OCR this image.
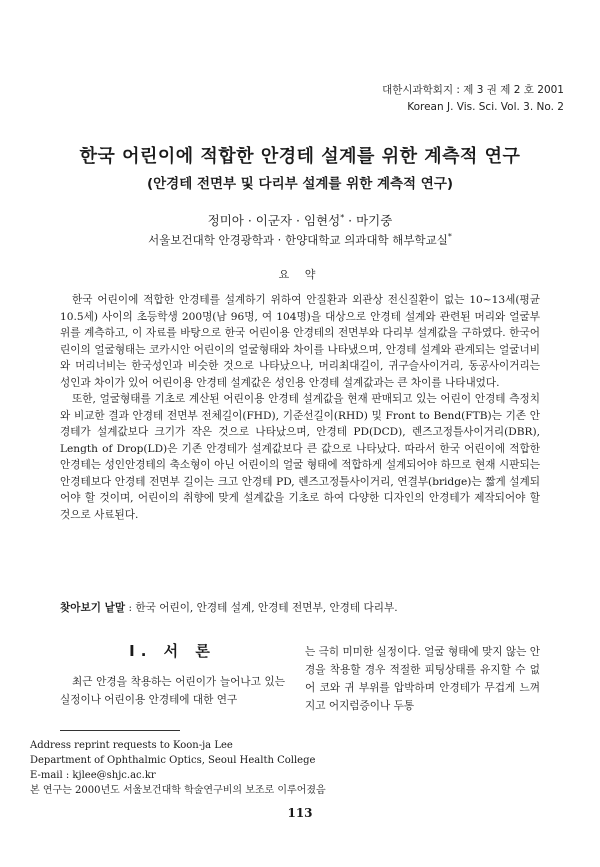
대한시과학회지 : 제 3 권 제 2 호 2001
Korean J. Vis. Sci. Vol. 3. No. 2
한국 어린이에 적합한 안경테 설계를 위한 계측적 연구
(안경테 전면부 및 다리부 설계를 위한 계측적 연구)
정미아 · 이군자 · 임현성* · 마기중
서울보건대학 안경광학과 · 한양대학교 의과대학 해부학교실*
요 약

한국 어린이에 적합한 안경테를 설계하기 위하여 안질환과 외관상 전신질환이 없는 10~13세(평균 10.5세) 사이의 초등학생 200명(남 96명, 여 104명)을 대상으로 안경테 설계와 관련된 머리와 얼굴부위를 계측하고, 이 자료를 바탕으로 한국 어린이용 안경테의 전면부와 다리부 설계값을 구하였다. 한국어린이의 얼굴형태는 코카시안 어린이의 얼굴형태와 차이를 나타냈으며, 안경테 설계와 관계되는 얼굴너비와 머리너비는 한국성인과 비슷한 것으로 나타났으나, 머리최대길이, 귀구슬사이거리, 동공사이거리는 성인과 차이가 있어 어린이용 안경테 설계값은 성인용 안경테 설계값과는 큰 차이를 나타내었다.

또한, 얼굴형태를 기초로 계산된 어린이용 안경테 설계값을 현재 판매되고 있는 어린이 안경테 측정치와 비교한 결과 안경테 전면부 전체길이(FHD), 기준선길이(RHD) 및 Front to Bend(FTB)는 기존 안경테가 설계값보다 크기가 작은 것으로 나타났으며, 안경테 PD(DCD), 렌즈고정틀사이거리(DBR), Length of Drop(LD)은 기존 안경테가 설계값보다 큰 값으로 나타났다. 따라서 한국 어린이에 적합한 안경테는 성인안경테의 축소형이 아닌 어린이의 얼굴 형태에 적합하게 설계되어야 하므로 현재 시판되는 안경테보다 안경테 전면부 길이는 크고 안경테 PD, 렌즈고정틀사이거리, 연결부(bridge)는 짧게 설계되어야 할 것이며, 어린이의 취향에 맞게 설계값을 기초로 하여 다양한 디자인의 안경테가 제작되어야 할 것으로 사료된다.

찾아보기 낱말 : 한국 어린이, 안경테 설계, 안경테 전면부, 안경테 다리부.
I. 서 론

최근 안경을 착용하는 어린이가 늘어나고 있는 실정이나 어린이용 안경테에 대한 연구

는 극히 미미한 실정이다. 얼굴 형태에 맞지 않는 안경을 착용할 경우 적절한 피팅상태를 유지할 수 없어 코와 귀 부위를 압박하며 안경테가 무겁게 느껴지고 어지럼증이나 두통

Address reprint requests to Koon-ja Lee
Department of Ophthalmic Optics, Seoul Health College
E-mail : kjlee@shjc.ac.kr
본 연구는 2000년도 서울보건대학 학술연구비의 보조로 이루어졌음
113
